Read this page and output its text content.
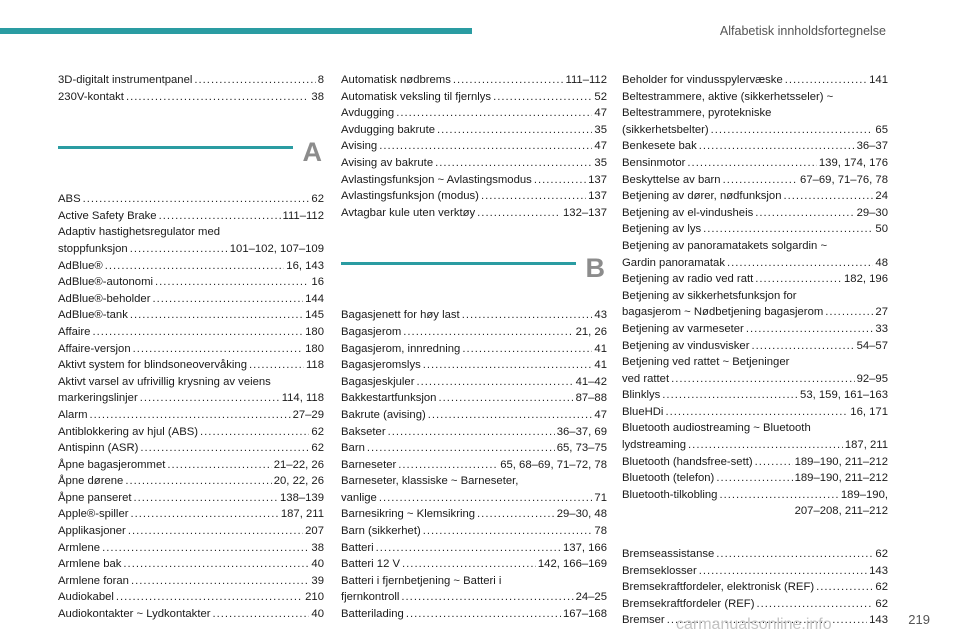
Alfabetisk innholdsfortegnelse
3D-digitalt instrumentpanel .....	8
230V-kontakt .....	38
A
ABS .....	62
Active Safety Brake .....	111–112
Adaptiv hastighetsregulator med
stoppfunksjon .....	101–102, 107–109
AdBlue® .....	16, 143
AdBlue®-autonomi .....	16
AdBlue®-beholder .....	144
AdBlue®-tank .....	145
Affaire .....	180
Affaire-versjon .....	180
Aktivt system for blindsoneovervåking .....	118
Aktivt varsel av ufrivillig krysning av veiens
markeringslinjer .....	114, 118
Alarm .....	27–29
Antiblokkering av hjul (ABS) .....	62
Antispinn (ASR) .....	62
Åpne bagasjerommet .....	21–22, 26
Åpne dørene .....	20, 22, 26
Åpne panseret .....	138–139
Apple®-spiller .....	187, 211
Applikasjoner .....	207
Armlene .....	38
Armlene bak .....	40
Armlene foran .....	39
Audiokabel .....	210
Audiokontakter ~ Lydkontakter .....	40
Automatisk nødbrems .....	111–112
Automatisk veksling til fjernlys .....	52
Avdugging .....	47
Avdugging bakrute .....	35
Avising .....	47
Avising av bakrute .....	35
Avlastingsfunksjon ~ Avlastingsmodus .....	137
Avlastingsfunksjon (modus) .....	137
Avtagbar kule uten verktøy .....	132–137
B
Bagasjenett for høy last .....	43
Bagasjerom .....	21, 26
Bagasjerom, innredning .....	41
Bagasjeromslys .....	41
Bagasjeskjuler .....	41–42
Bakkestartfunksjon .....	87–88
Bakrute (avising) .....	47
Bakseter .....	36–37, 69
Barn .....	65, 73–75
Barneseter .....	65, 68–69, 71–72, 78
Barneseter, klassiske ~ Barneseter,
vanlige .....	71
Barnesikring ~ Klemsikring .....	29–30, 48
Barn (sikkerhet) .....	78
Batteri .....	137, 166
Batteri 12 V .....	142, 166–169
Batteri i fjernbetjening ~ Batteri i
fjernkontroll .....	24–25
Batterilading .....	167–168
Beholder for vindusspylervæske .....	141
Beltestrammere, aktive (sikkerhetsseler) ~
Beltestrammere, pyrotekniske
(sikkerhetsbelter) .....	65
Benkesete bak .....	36–37
Bensinmotor .....	139, 174, 176
Beskyttelse av barn .....	67–69, 71–76, 78
Betjening av dører, nødfunksjon .....	24
Betjening av el-vindusheis .....	29–30
Betjening av lys .....	50
Betjening av panoramatakets solgardin ~
Gardin panoramatak .....	48
Betjening av radio ved ratt .....	182, 196
Betjening av sikkerhetsfunksjon for
bagasjerom ~ Nødbetjening bagasjerom .....	27
Betjening av varmeseter .....	33
Betjening av vindusvisker .....	54–57
Betjening ved rattet ~ Betjeninger
ved rattet .....	92–95
Blinklys .....	53, 159, 161–163
BlueHDi .....	16, 171
Bluetooth audiostreaming ~ Bluetooth
lydstreaming .....	187, 211
Bluetooth (handsfree-sett) .....	189–190, 211–212
Bluetooth (telefon) .....	189–190, 211–212
Bluetooth-tilkobling .....	189–190,
207–208, 211–212
Bremseassistanse .....	62
Bremseklosser .....	143
Bremsekraftfordeler, elektronisk (REF) .....	62
Bremsekraftfordeler (REF) .....	62
Bremser .....	143 219
carmanualsonline.info
